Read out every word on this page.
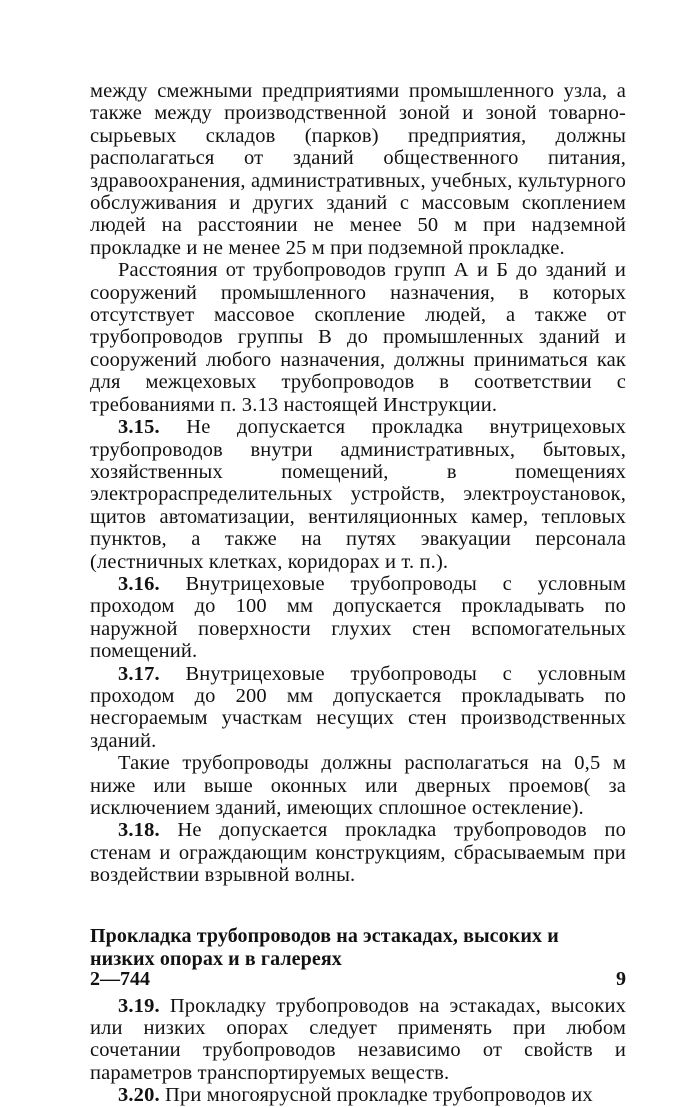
между смежными предприятиями промышленного узла, а также между производственной зоной и зоной товарно-сырьевых складов (парков) предприятия, должны располагаться от зданий общественного питания, здравоохранения, административных, учебных, культурного обслуживания и других зданий с массовым скоплением людей на расстоянии не менее 50 м при надземной прокладке и не менее 25 м при подземной прокладке.

Расстояния от трубопроводов групп А и Б до зданий и сооружений промышленного назначения, в которых отсутствует массовое скопление людей, а также от трубопроводов группы В до промышленных зданий и сооружений любого назначения, должны приниматься как для межцеховых трубопроводов в соответствии с требованиями п. 3.13 настоящей Инструкции.

3.15. Не допускается прокладка внутрицеховых трубопроводов внутри административных, бытовых, хозяйственных помещений, в помещениях электрораспределительных устройств, электроустановок, щитов автоматизации, вентиляционных камер, тепловых пунктов, а также на путях эвакуации персонала (лестничных клетках, коридорах и т. п.).

3.16. Внутрицеховые трубопроводы с условным проходом до 100 мм допускается прокладывать по наружной поверхности глухих стен вспомогательных помещений.

3.17. Внутрицеховые трубопроводы с условным проходом до 200 мм допускается прокладывать по несгораемым участкам несущих стен производственных зданий.

Такие трубопроводы должны располагаться на 0,5 м ниже или выше оконных или дверных проемов( за исключением зданий, имеющих сплошное остекление).

3.18. Не допускается прокладка трубопроводов по стенам и ограждающим конструкциям, сбрасываемым при воздействии взрывной волны.

Прокладка трубопроводов на эстакадах, высоких и низких опорах и в галереях

3.19. Прокладку трубопроводов на эстакадах, высоких или низких опорах следует применять при любом сочетании трубопроводов независимо от свойств и параметров транспортируемых веществ.

3.20. При многоярусной прокладке трубопроводов их

2—744	9
